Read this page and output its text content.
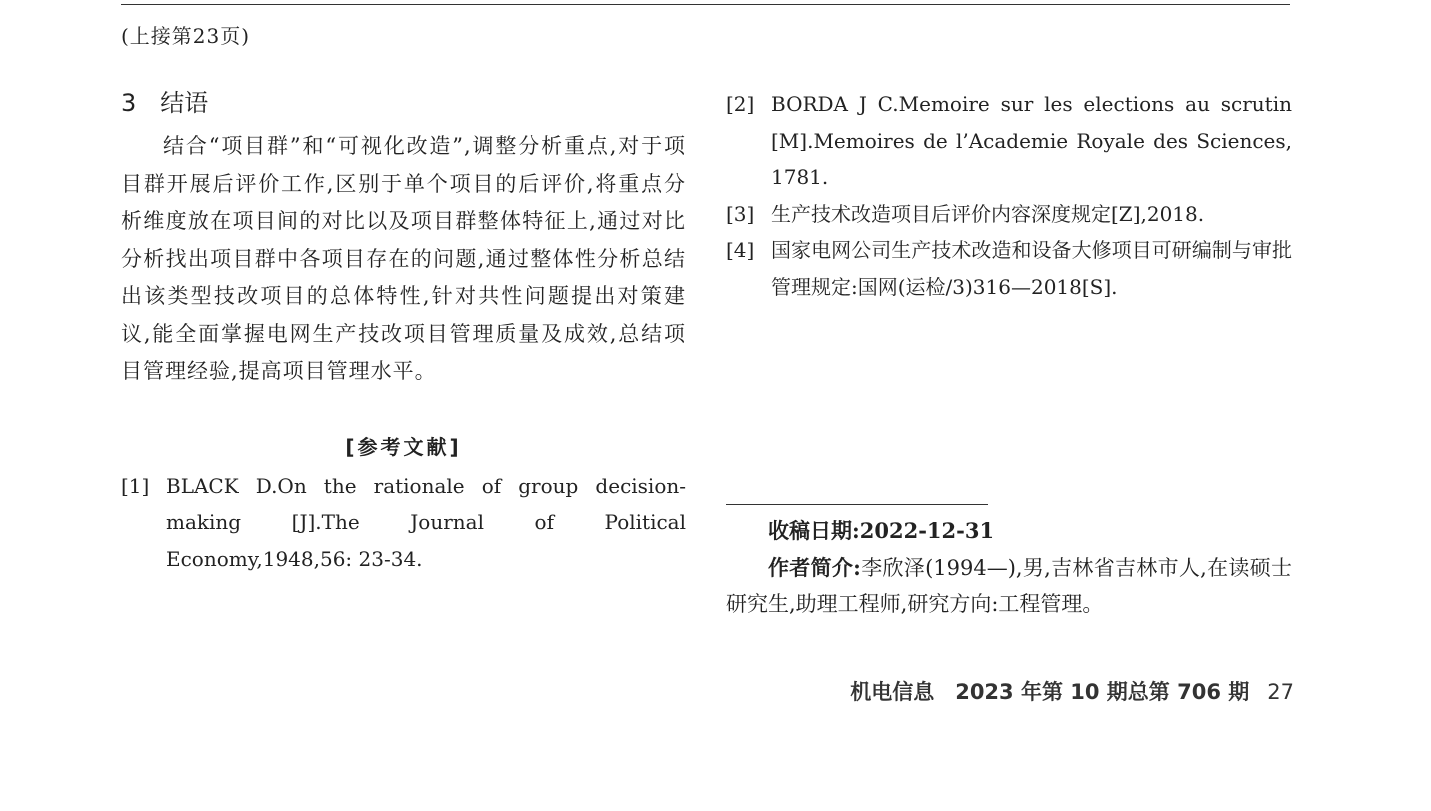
(上接第23页)
3 结语

结合“项目群”和“可视化改造”,调整分析重点,对于项目群开展后评价工作,区别于单个项目的后评价,将重点分析维度放在项目间的对比以及项目群整体特征上,通过对比分析找出项目群中各项目存在的问题,通过整体性分析总结出该类型技改项目的总体特性,针对共性问题提出对策建议,能全面掌握电网生产技改项目管理质量及成效,总结项目管理经验,提高项目管理水平。

[参考文献]
[1] BLACK D.On the rationale of group decision-making [J].The Journal of Political Economy,1948,56: 23-34.
[2] BORDA J C.Memoire sur les elections au scrutin [M].Memoires de l’Academie Royale des Sciences, 1781.
[3] 生产技术改造项目后评价内容深度规定[Z],2018.
[4] 国家电网公司生产技术改造和设备大修项目可研编制与审批管理规定:国网(运检/3)316—2018[S].
收稿日期:2022-12-31
作者简介:李欣泽(1994—),男,吉林省吉林市人,在读硕士研究生,助理工程师,研究方向:工程管理。
机电信息　2023 年第 10 期总第 706 期 27
